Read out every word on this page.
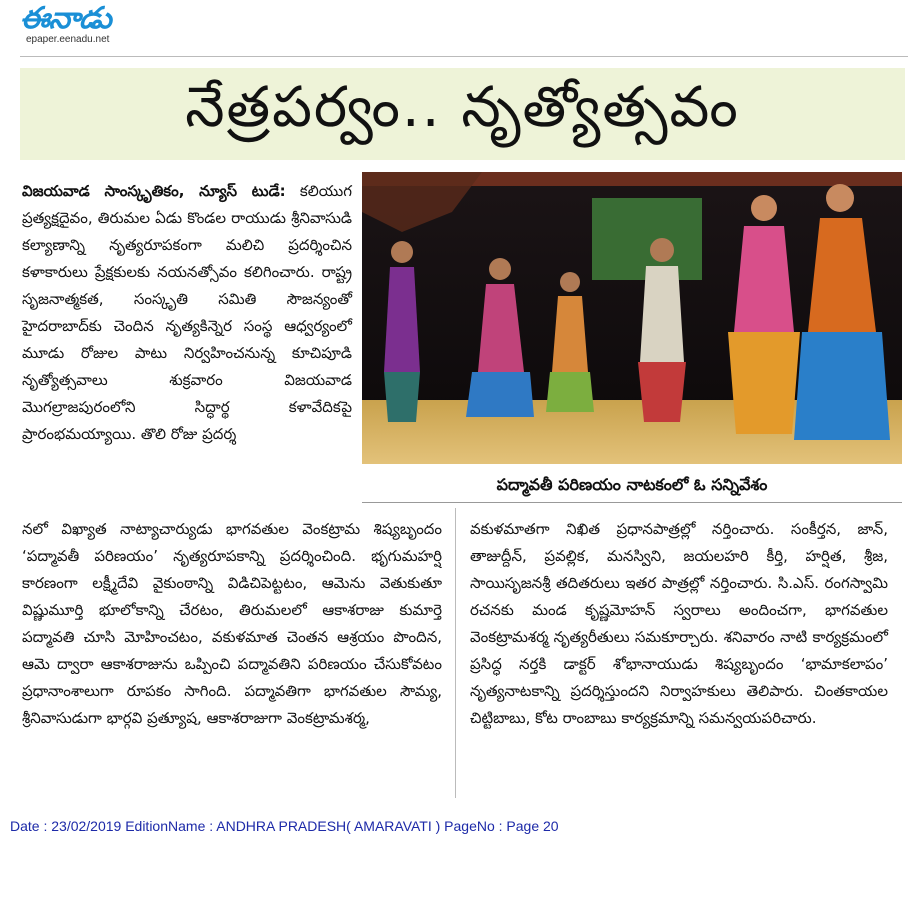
ఈనాడు
epaper.eenadu.net
నేత్రపర్వం.. నృత్యోత్సవం
విజయవాడ సాంస్కృతికం, న్యూస్ టుడే: కలియుగ ప్రత్యక్షదైవం, తిరుమల ఏడు కొండల రాయుడు శ్రీనివాసుడి కల్యాణాన్ని నృత్యరూపకంగా మలిచి ప్రదర్శించిన కళాకారులు ప్రేక్షకులకు నయనత్సోవం కలిగించారు. రాష్ట్ర సృజనాత్మకత, సంస్కృతి సమితి సౌజన్యంతో హైదరాబాద్‌కు చెందిన నృత్యకిన్నెర సంస్థ ఆధ్వర్యంలో మూడు రోజుల పాటు నిర్వహించనున్న కూచిపూడి నృత్యోత్సవాలు శుక్రవారం విజయవాడ మొగల్రాజపురంలోని సిద్ధార్థ కళావేదికపై ప్రారంభమయ్యాయి. తొలి రోజు ప్రదర్శ
పద్మావతీ పరిణయం నాటకంలో ఓ సన్నివేశం
నలో విఖ్యాత నాట్యాచార్యుడు భాగవతుల వెంకట్రామ శిష్యబృందం ‘పద్మావతీ పరిణయం’ నృత్యరూపకాన్ని ప్రదర్శించింది. భృగుమహర్షి కారణంగా లక్ష్మీదేవి వైకుంఠాన్ని విడిచిపెట్టటం, ఆమెను వెతుకుతూ విష్ణుమూర్తి భూలోకాన్ని చేరటం, తిరుమలలో ఆకాశరాజు కుమార్తె పద్మావతి చూసి మోహించటం, వకుళమాత చెంతన ఆశ్రయం పొందిన, ఆమె ద్వారా ఆకాశరాజును ఒప్పించి పద్మావతిని పరిణయం చేసుకోవటం ప్రధానాంశాలుగా రూపకం సాగింది. పద్మావతిగా భాగవతుల సౌమ్య, శ్రీనివాసుడుగా భార్గవి ప్రత్యూష, ఆకాశరాజుగా వెంకట్రామశర్మ,
వకుళమాతగా నిఖిత ప్రధానపాత్రల్లో నర్తించారు. సంకీర్తన, జాన్, తాజుద్దీన్, ప్రవల్లిక, మనస్విని, జయలహరి కీర్తి, హర్షిత, శ్రీజ, సాయిసృజనశ్రీ తదితరులు ఇతర పాత్రల్లో నర్తించారు. సి.ఎస్. రంగస్వామి రచనకు మండ కృష్ణమోహన్ స్వరాలు అందించగా, భాగవతుల వెంకట్రామశర్మ నృత్యరీతులు సమకూర్చారు. శనివారం నాటి కార్యక్రమంలో ప్రసిద్ధ నర్తకి డాక్టర్ శోభానాయుడు శిష్యబృందం ‘భామాకలాపం’ నృత్యనాటకాన్ని ప్రదర్శిస్తుందని నిర్వాహకులు తెలిపారు. చింతకాయల చిట్టిబాబు, కోట రాంబాబు కార్యక్రమాన్ని సమన్వయపరిచారు.
Date : 23/02/2019 EditionName : ANDHRA PRADESH( AMARAVATI ) PageNo : Page 20
